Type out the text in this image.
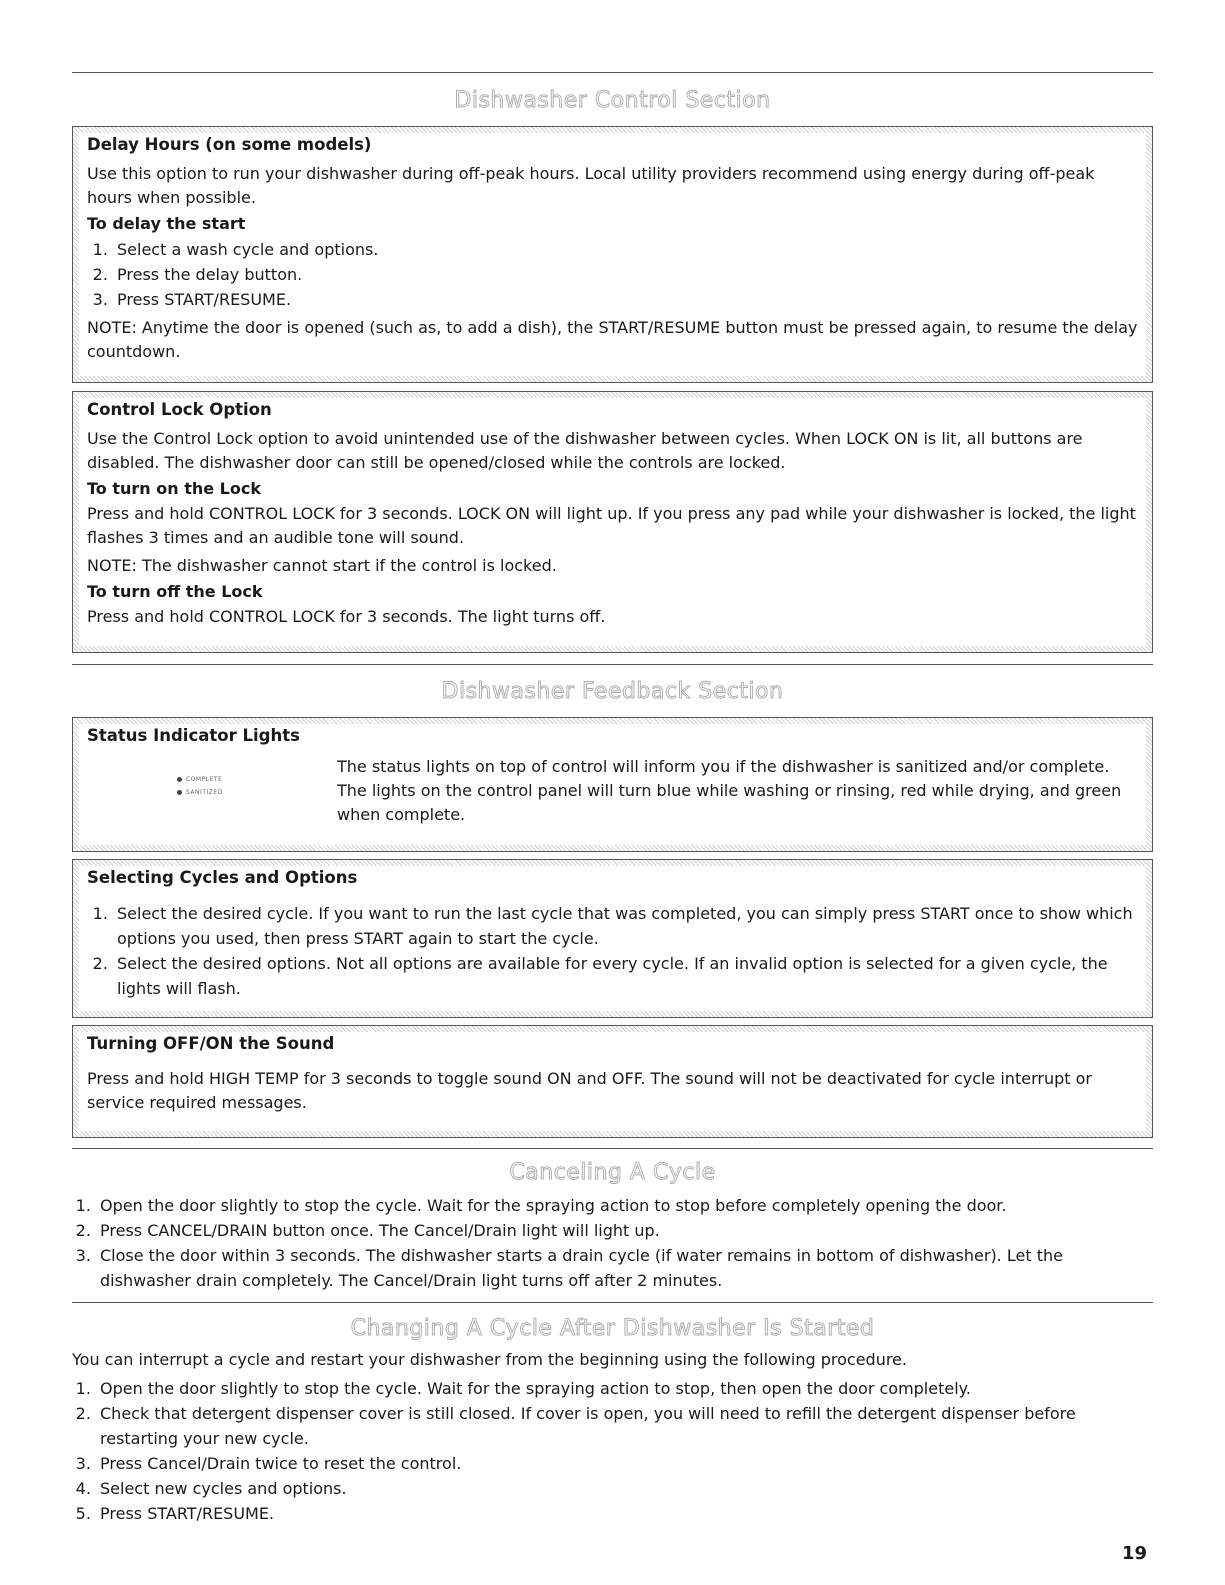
Dishwasher Control Section
Delay Hours (on some models)

Use this option to run your dishwasher during off-peak hours. Local utility providers recommend using energy during off-peak hours when possible.

To delay the start
1. Select a wash cycle and options.
2. Press the delay button.
3. Press START/RESUME.

NOTE: Anytime the door is opened (such as, to add a dish), the START/RESUME button must be pressed again, to resume the delay countdown.

Control Lock Option

Use the Control Lock option to avoid unintended use of the dishwasher between cycles. When LOCK ON is lit, all buttons are disabled. The dishwasher door can still be opened/closed while the controls are locked.

To turn on the Lock

Press and hold CONTROL LOCK for 3 seconds. LOCK ON will light up. If you press any pad while your dishwasher is locked, the light flashes 3 times and an audible tone will sound.

NOTE: The dishwasher cannot start if the control is locked.

To turn off the Lock

Press and hold CONTROL LOCK for 3 seconds. The light turns off.

Dishwasher Feedback Section
Status Indicator Lights
COMPLETE
SANITIZED

The status lights on top of control will inform you if the dishwasher is sanitized and/or complete. The lights on the control panel will turn blue while washing or rinsing, red while drying, and green when complete.

Selecting Cycles and Options
1. Select the desired cycle. If you want to run the last cycle that was completed, you can simply press START once to show which options you used, then press START again to start the cycle.
2. Select the desired options. Not all options are available for every cycle. If an invalid option is selected for a given cycle, the lights will flash.
Turning OFF/ON the Sound

Press and hold HIGH TEMP for 3 seconds to toggle sound ON and OFF. The sound will not be deactivated for cycle interrupt or service required messages.

Canceling A Cycle
1. Open the door slightly to stop the cycle. Wait for the spraying action to stop before completely opening the door.
2. Press CANCEL/DRAIN button once. The Cancel/Drain light will light up.
3. Close the door within 3 seconds. The dishwasher starts a drain cycle (if water remains in bottom of dishwasher). Let the dishwasher drain completely. The Cancel/Drain light turns off after 2 minutes.
Changing A Cycle After Dishwasher Is Started

You can interrupt a cycle and restart your dishwasher from the beginning using the following procedure.

1. Open the door slightly to stop the cycle. Wait for the spraying action to stop, then open the door completely.
2. Check that detergent dispenser cover is still closed. If cover is open, you will need to refill the detergent dispenser before restarting your new cycle.
3. Press Cancel/Drain twice to reset the control.
4. Select new cycles and options.
5. Press START/RESUME.
19
